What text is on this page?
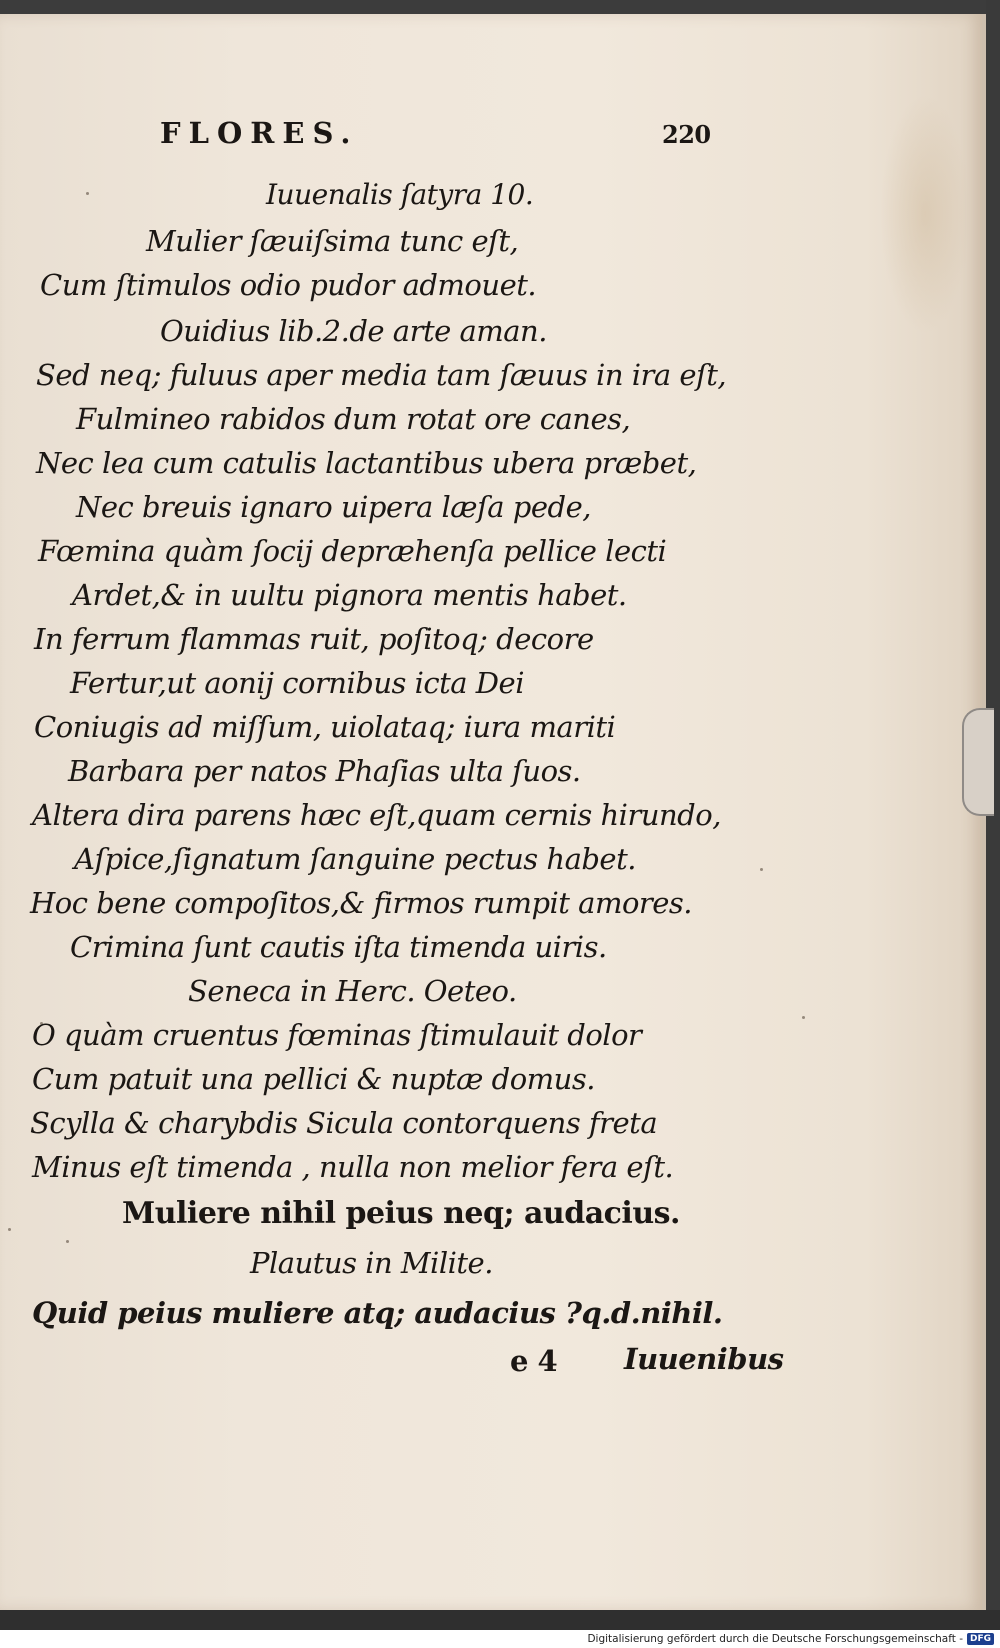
FLORES.	220
Iuuenalis ſatyra 10.
Mulier ſæuiſsima tunc eſt,
Cum ſtimulos odio pudor admouet.
Ouidius lib.2.de arte aman.
Sed neq; fuluus aper media tam ſæuus in ira eſt,
Fulmineo rabidos dum rotat ore canes,
Nec lea cum catulis lactantibus ubera præbet,
Nec breuis ignaro uipera læſa pede,
Fœmina quàm ſocij depræhenſa pellice lecti
Ardet,& in uultu pignora mentis habet.
In ferrum flammas ruit, poſitoq; decore
Fertur,ut aonij cornibus icta Dei
Coniugis ad miſſum, uiolataq; iura mariti
Barbara per natos Phaſias ulta ſuos.
Altera dira parens hæc eſt,quam cernis hirundo,
Aſpice,ſignatum ſanguine pectus habet.
Hoc bene compoſitos,& firmos rumpit amores.
Crimina ſunt cautis iſta timenda uiris.
Seneca in Herc. Oeteo.
O quàm cruentus fœminas ſtimulauit dolor
Cum patuit una pellici & nuptæ domus.
Scylla & charybdis Sicula contorquens freta
Minus eſt timenda , nulla non melior fera eſt.
Muliere nihil peius neq; audacius.
Plautus in Milite.
Quid peius muliere atq; audacius ?q.d.nihil.
e 4 Iuuenibus
Digitalisierung gefördert durch die Deutsche Forschungsgemeinschaft - DFG
